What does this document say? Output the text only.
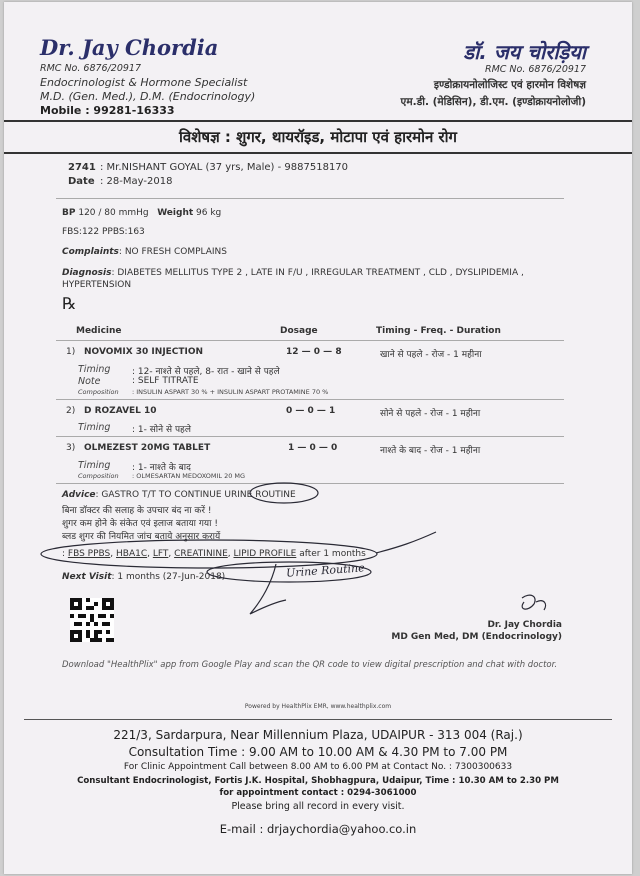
Dr. Jay Chordia
RMC No. 6876/20917
Endocrinologist & Hormone Specialist
M.D. (Gen. Med.), D.M. (Endocrinology)
Mobile : 99281-16333
डॉ. जय चोरड़िया
RMC No. 6876/20917
इण्डोक्रायनोलोजिस्ट एवं हारमोन विशेषज्ञ
एम.डी. (मेडिसिन), डी.एम. (इण्डोक्रायनोलोजी)
विशेषज्ञ : शुगर, थायरॉइड, मोटापा एवं हारमोन रोग
2741 : Mr.NISHANT GOYAL (37 yrs, Male) - 9887518170
Date : 28-May-2018
BP 120 / 80 mmHg Weight 96 kg
FBS:122 PPBS:163
Complaints: NO FRESH COMPLAINS
Diagnosis: DIABETES MELLITUS TYPE 2 , LATE IN F/U , IRREGULAR TREATMENT , CLD , DYSLIPIDEMIA ,
HYPERTENSION
℞
Medicine	Dosage	Timing - Freq. - Duration
1) NOVOMIX 30 INJECTION	12 — 0 — 8	खाने से पहले - रोज - 1 महीना
Timing : 12- नाश्ते से पहले, 8- रात - खाने से पहले
Note	: SELF TITRATE
Composition : INSULIN ASPART 30 % + INSULIN ASPART PROTAMINE 70 %
2) D ROZAVEL 10	0 — 0 — 1	सोने से पहले - रोज - 1 महीना
Timing : 1- सोने से पहले
3) OLMEZEST 20MG TABLET	1 — 0 — 0	नाश्ते के बाद - रोज - 1 महीना
Timing : 1- नाश्ते के बाद
Composition : OLMESARTAN MEDOXOMIL 20 MG
Advice: GASTRO T/T TO CONTINUE URINE ROUTINE
बिना डॉक्टर की सलाह के उपचार बंद ना करें !
शुगर कम होने के संकेत एवं इलाज बताया गया !
ब्लड शुगर की नियमित जांच बताये अनुसार करायें
: FBS PPBS, HBA1C, LFT, CREATININE, LIPID PROFILE after 1 months
Next Visit: 1 months (27-Jun-2018)	Urine Routine
Dr. Jay Chordia
MD Gen Med, DM (Endocrinology)
Download "HealthPlix" app from Google Play and scan the QR code to view digital prescription and chat with doctor.
Powered by HealthPlix EMR, www.healthplix.com
221/3, Sardarpura, Near Millennium Plaza, UDAIPUR - 313 004 (Raj.)
Consultation Time : 9.00 AM to 10.00 AM & 4.30 PM to 7.00 PM
For Clinic Appointment Call between 8.00 AM to 6.00 PM at Contact No. : 7300300633
Consultant Endocrinologist, Fortis J.K. Hospital, Shobhagpura, Udaipur, Time : 10.30 AM to 2.30 PM
for appointment contact : 0294-3061000
Please bring all record in every visit.
E-mail : drjaychordia@yahoo.co.in
